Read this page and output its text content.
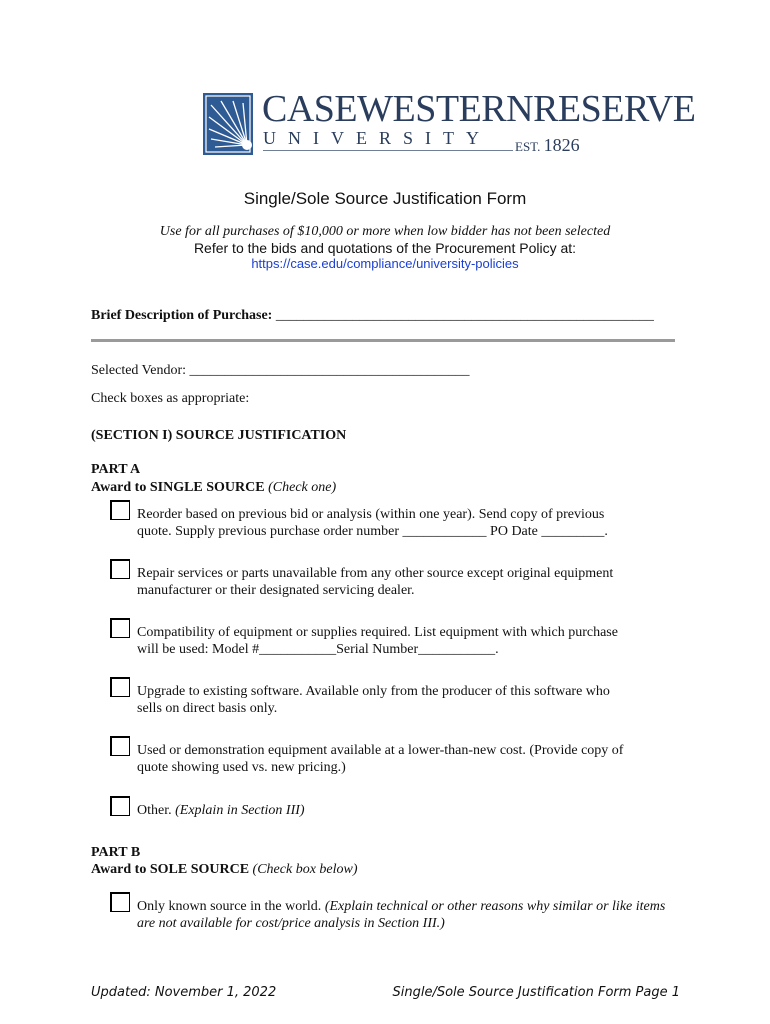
CASEWESTERNRESERVE
UNIVERSITY EST. 1826
Single/Sole Source Justification Form
Use for all purchases of $10,000 or more when low bidder has not been selected
Refer to the bids and quotations of the Procurement Policy at:
https://case.edu/compliance/university-policies
Brief Description of Purchase: ______________________________________________________
Selected Vendor: ________________________________________
Check boxes as appropriate:
(SECTION I) SOURCE JUSTIFICATION
PART A
Award to SINGLE SOURCE (Check one)
Reorder based on previous bid or analysis (within one year). Send copy of previous
quote. Supply previous purchase order number ____________ PO Date _________.
Repair services or parts unavailable from any other source except original equipment
manufacturer or their designated servicing dealer.
Compatibility of equipment or supplies required. List equipment with which purchase
will be used: Model #___________Serial Number___________.
Upgrade to existing software. Available only from the producer of this software who
sells on direct basis only.
Used or demonstration equipment available at a lower-than-new cost. (Provide copy of
quote showing used vs. new pricing.)
Other. (Explain in Section III)
PART B
Award to SOLE SOURCE (Check box below)
Only known source in the world. (Explain technical or other reasons why similar or like items
are not available for cost/price analysis in Section III.)
Updated: November 1, 2022	Single/Sole Source Justification Form Page 1
